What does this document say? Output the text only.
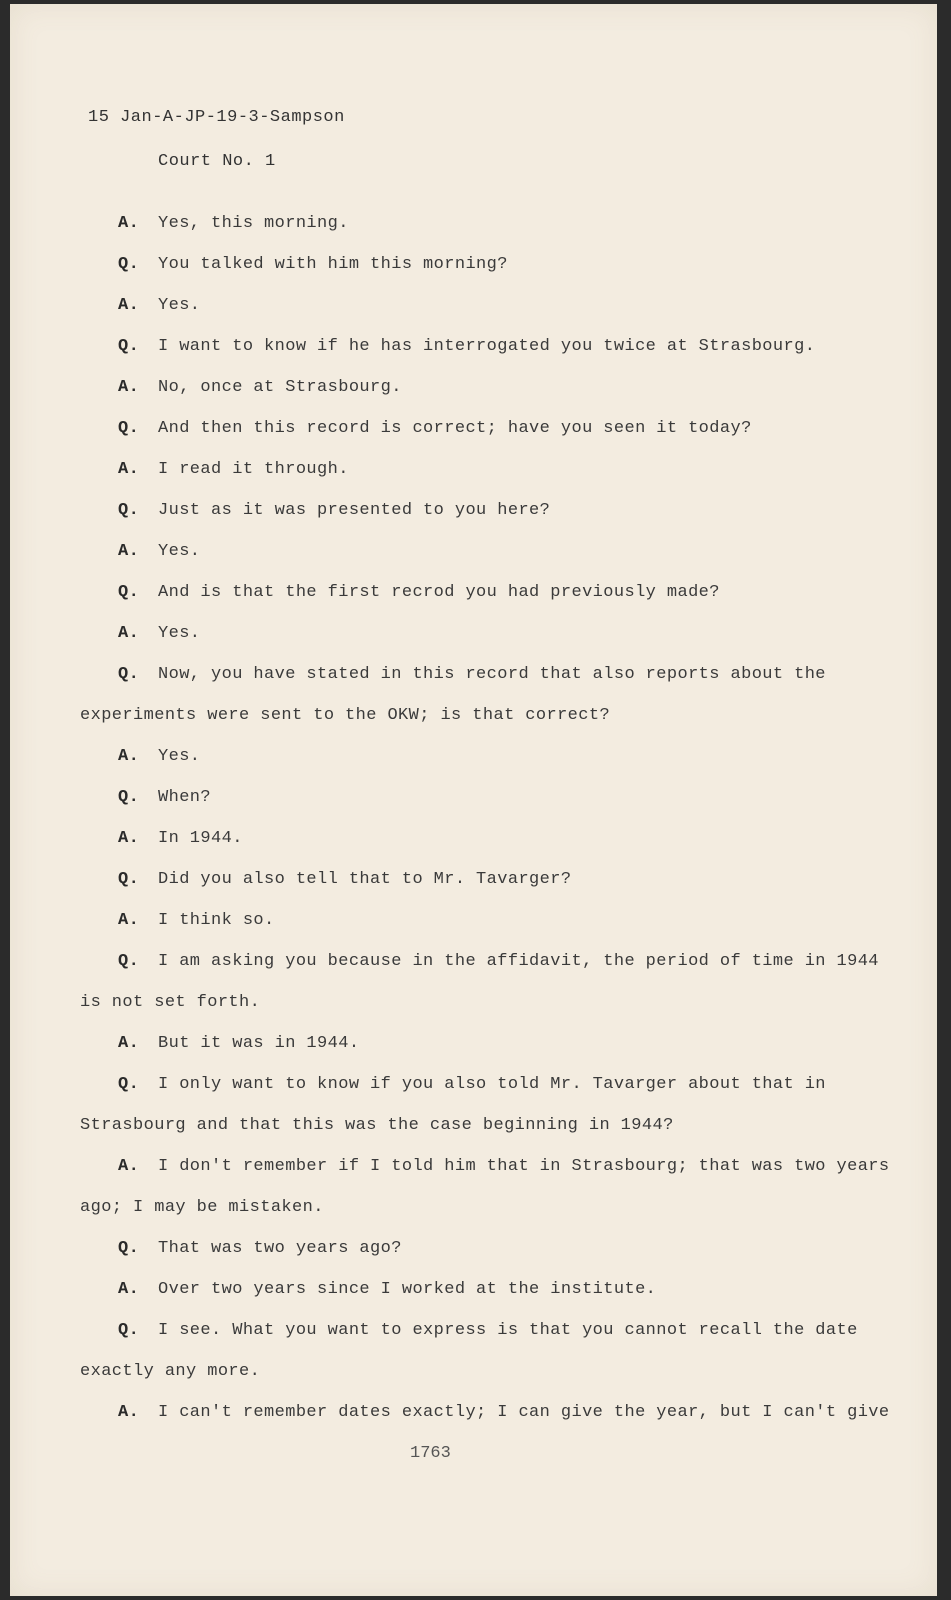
15 Jan-A-JP-19-3-Sampson
Court No. 1
A. Yes, this morning.
Q. You talked with him this morning?
A. Yes.
Q. I want to know if he has interrogated you twice at Strasbourg.
A. No, once at Strasbourg.
Q. And then this record is correct; have you seen it today?
A. I read it through.
Q. Just as it was presented to you here?
A. Yes.
Q. And is that the first recrod you had previously made?
A. Yes.
Q. Now, you have stated in this record that also reports about the
experiments were sent to the OKW; is that correct?
A. Yes.
Q. When?
A. In 1944.
Q. Did you also tell that to Mr. Tavarger?
A. I think so.
Q. I am asking you because in the affidavit, the period of time in 1944
is not set forth.
A. But it was in 1944.
Q. I only want to know if you also told Mr. Tavarger about that in
Strasbourg and that this was the case beginning in 1944?
A. I don't remember if I told him that in Strasbourg; that was two years
ago; I may be mistaken.
Q. That was two years ago?
A. Over two years since I worked at the institute.
Q. I see. What you want to express is that you cannot recall the date
exactly any more.
A. I can't remember dates exactly; I can give the year, but I can't give
1763
